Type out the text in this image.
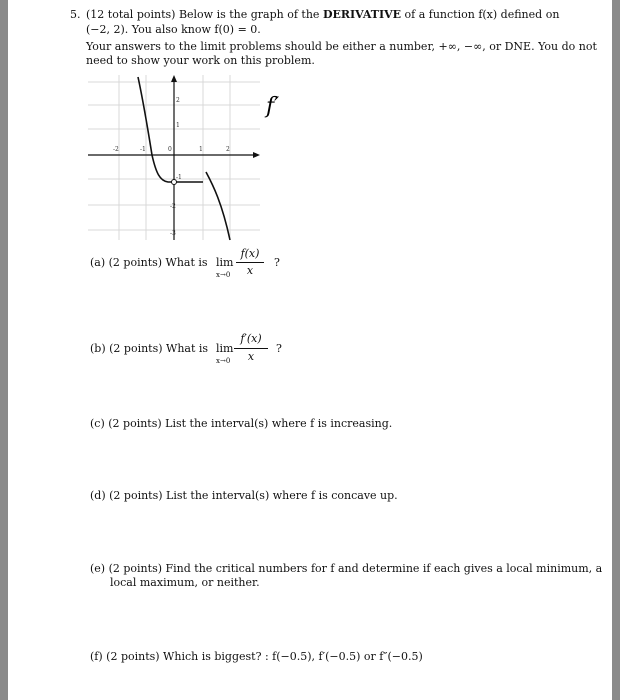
5. (12 total points) Below is the graph of the DERIVATIVE of a function f(x) defined on
(−2, 2). You also know f(0) = 0.
Your answers to the limit problems should be either a number, +∞, −∞, or DNE. You do not
need to show your work on this problem.
-2	-1	0	1	2
2
1
-1
-2
-3
f′
(a) (2 points) What is lim
x→0
f(x)
x
?
(b) (2 points) What is lim
x→0
f′(x)
x
?
(c) (2 points) List the interval(s) where f is increasing.
(d) (2 points) List the interval(s) where f is concave up.
(e) (2 points) Find the critical numbers for f and determine if each gives a local minimum, a
local maximum, or neither.
(f) (2 points) Which is biggest? : f(−0.5), f′(−0.5) or f″(−0.5)
